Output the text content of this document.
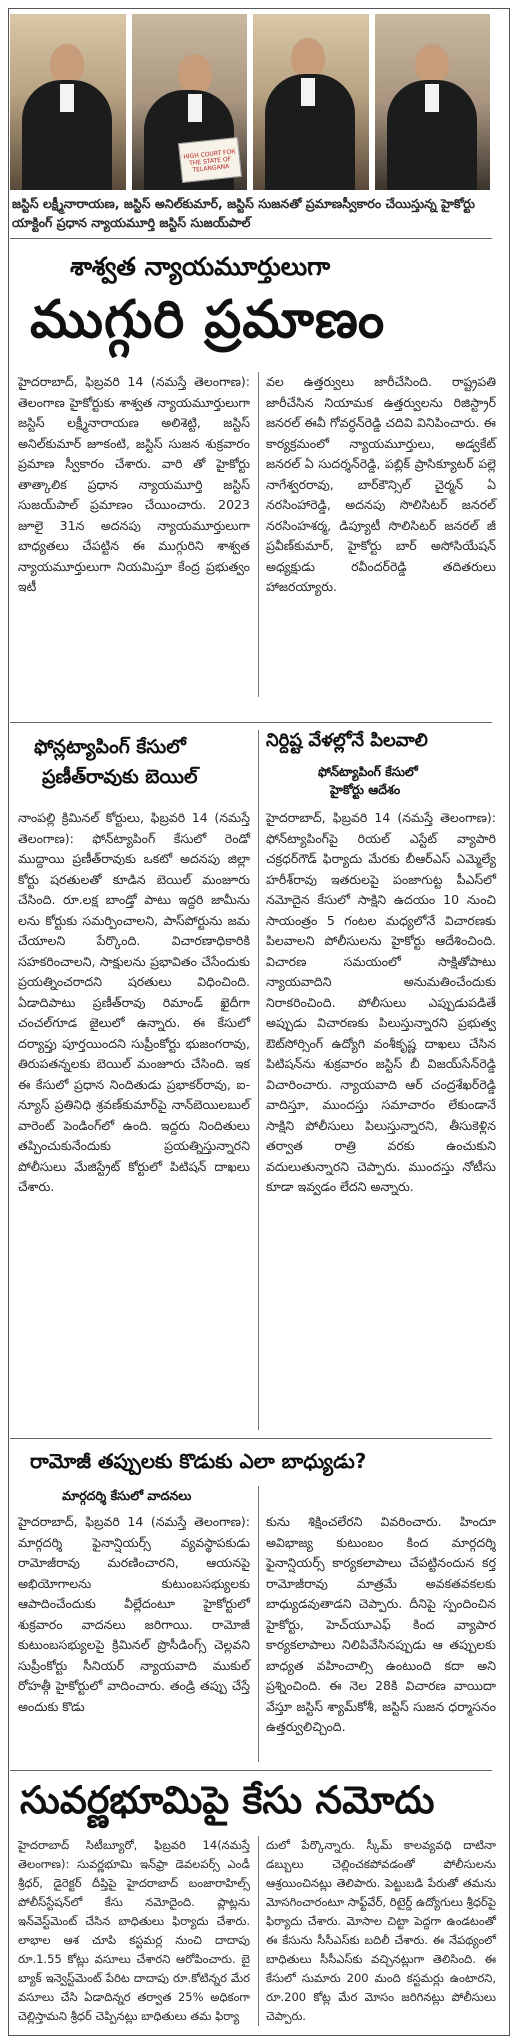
HIGH COURT FOR THE STATE OF TELANGANA
జస్టిస్ లక్ష్మీనారాయణ, జస్టిస్ అనిల్‌కుమార్, జస్టిస్ సుజనతో ప్రమాణస్వీకారం చేయిస్తున్న హైకోర్టు యాక్టింగ్ ప్రధాన న్యాయమూర్తి జస్టిస్ సుజయ్‌పాల్
శాశ్వత న్యాయమూర్తులుగా
ముగ్గురి ప్రమాణం
హైదరాబాద్, ఫిబ్రవరి 14 (నమస్తే తెలంగాణ): తెలంగాణ హైకోర్టుకు శాశ్వత న్యాయమూర్తులుగా జస్టిస్ లక్ష్మీనారాయణ అలిశెట్టి, జస్టిస్ అనిల్‌కుమార్ జూకంటి, జస్టిస్ సుజన శుక్రవారం ప్రమాణ స్వీకారం చేశారు. వారి తో హైకోర్టు తాత్కాలిక ప్రధాన న్యాయమూర్తి జస్టిస్ సుజయ్‌పాల్ ప్రమాణం చేయించారు. 2023 జూలై 31న అదనపు న్యాయమూర్తులుగా బాధ్యతలు చేపట్టిన ఈ ముగ్గురిని శాశ్వత న్యాయమూర్తులుగా నియమిస్తూ కేంద్ర ప్రభుత్వం ఇటీ
వల ఉత్తర్వులు జారీచేసింది. రాష్ట్రపతి జారీచేసిన నియామక ఉత్తర్వులను రిజిస్ట్రార్ జనరల్ ఈవీ గోవర్ధన్‌రెడ్డి చదివి వినిపించారు. ఈ కార్యక్రమంలో న్యాయమూర్తులు, అడ్వకేట్ జనరల్ ఏ సుదర్శన్‌రెడ్డి, పబ్లిక్ ప్రాసిక్యూటర్ పల్లె నాగేశ్వరరావు, బార్‌కౌన్సిల్ చైర్మన్ ఏ నరసింహారెడ్డి, అదనపు సొలిసిటర్ జనరల్ నరసింహశర్మ, డిప్యూటీ సొలిసిటర్ జనరల్ జీ ప్రవీణ్‌కుమార్, హైకోర్టు బార్ అసోసియేషన్ అధ్యక్షుడు రవీందర్‌రెడ్డి తదితరులు హాజరయ్యారు.
ఫోన్లట్యాపింగ్ కేసులో
ప్రణీత్‌రావుకు బెయిల్
నాంపల్లి క్రిమినల్ కోర్టులు, ఫిబ్రవరి 14 (నమస్తే తెలంగాణ): ఫోన్‌ట్యాపింగ్ కేసులో రెండో ముద్దాయి ప్రణీత్‌రావుకు ఒకటో అదనపు జిల్లా కోర్టు షరతులతో కూడిన బెయిల్ మంజూరు చేసింది. రూ.లక్ష బాండ్తో పాటు ఇద్దరి జామీను లను కోర్టుకు సమర్పించాలని, పాస్‌పోర్టును జమ చేయాలని పేర్కొంది. విచారణాధికారికి సహకరించాలని, సాక్షులను ప్రభావితం చేసేందుకు ప్రయత్నించరాదని షరతులు విధించింది. ఏడాదిపాటు ప్రణీత్‌రావు రిమాండ్ ఖైదీగా చంచల్‌గూడ జైలులో ఉన్నారు. ఈ కేసులో దర్యాప్తు పూర్తయిందని సుప్రీంకోర్టు భుజంగరావు, తిరుపతన్నలకు బెయిల్ మంజూరు చేసింది. ఇక ఈ కేసులో ప్రధాన నిందితుడు ప్రభాకర్‌రావు, ఐ-న్యూస్ ప్రతినిధి శ్రవణ్‌కుమార్‌పై నాన్‌బెయిలబుల్ వారెంట్ పెండింగ్‌లో ఉంది. ఇద్దరు నిందితులు తప్పించుకునేందుకు ప్రయత్నిస్తున్నారని పోలీసులు మేజిస్ట్రేట్ కోర్టులో పిటిషన్ దాఖలు చేశారు.
నిర్దిష్ట వేళల్లోనే పిలవాలి
ఫోన్‌ట్యాపింగ్ కేసులో
హైకోర్టు ఆదేశం
హైదరాబాద్, ఫిబ్రవరి 14 (నమస్తే తెలంగాణ): ఫోన్‌ట్యాపింగ్‌పై రియల్ ఎస్టేట్ వ్యాపారి చక్రధర్‌గౌడ్ ఫిర్యాదు మేరకు బీఆర్‌ఎస్ ఎమ్మెల్యే హరీశ్‌రావు ఇతరులపై పంజాగుట్ట పీఎస్‌లో నమోదైన కేసులో సాక్షిని ఉదయం 10 నుంచి సాయంత్రం 5 గంటల మధ్యలోనే విచారణకు పిలవాలని పోలీసులను హైకోర్టు ఆదేశించింది. విచారణ సమయంలో సాక్షితోపాటు న్యాయవాదిని అనుమతించేందుకు నిరాకరించింది. పోలీసులు ఎప్పుడుపడితే అప్పుడు విచారణకు పిలుస్తున్నారని ప్రభుత్వ ఔట్‌సోర్సింగ్ ఉద్యోగి వంశీకృష్ణ దాఖలు చేసిన పిటిషన్‌ను శుక్రవారం జస్టిస్ బీ విజయ్‌సేన్‌రెడ్డి విచారించారు. న్యాయవాది ఆర్ చంద్రశేఖర్‌రెడ్డి వాదిస్తూ, ముందస్తు సమాచారం లేకుండానే సాక్షిని పోలీసులు పిలుస్తున్నారని, తీసుకెళ్లిన తర్వాత రాత్రి వరకు ఉంచుకుని వదులుతున్నారని చెప్పారు. ముందస్తు నోటీసు కూడా ఇవ్వడం లేదని అన్నారు.
రామోజీ తప్పులకు కొడుకు ఎలా బాధ్యుడు?
మార్గదర్శి కేసులో వాదనలు
హైదరాబాద్, ఫిబ్రవరి 14 (నమస్తే తెలంగాణ): మార్గదర్శి ఫైనాన్షియర్స్ వ్యవస్థాపకుడు రామోజీరావు మరణించారని, ఆయనపై అభియోగాలను కుటుంబసభ్యులకు ఆపాదించేందుకు వీల్లేదంటూ హైకోర్టులో శుక్రవారం వాదనలు జరిగాయి. రామోజీ కుటుంబసభ్యులపై క్రిమినల్ ప్రొసీడింగ్స్ చెల్లవని సుప్రీంకోర్టు సీనియర్ న్యాయవాది ముకుల్ రోహత్గీ హైకోర్టులో వాదించారు. తండ్రి తప్పు చేస్తే అందుకు కొడు
కును శిక్షించలేరని వివరించారు. హిందూ అవిభాజ్య కుటుంబం కింద మార్గదర్శి ఫైనాన్షియర్స్ కార్యకలాపాలు చేపట్టినందున కర్త రామోజీరావు మాత్రమే అవకతవకలకు బాధ్యుడవుతాడని చెప్పారు. దీనిపై స్పందించిన హైకోర్టు, హెచ్‌యూఎఫ్ కింద వ్యాపార కార్యకలాపాలు నిలిపివేసినప్పుడు ఆ తప్పులకు బాధ్యత వహించాల్సి ఉంటుంది కదా అని ప్రశ్నించింది. ఈ నెల 28కి విచారణ వాయిదా వేస్తూ జస్టిస్ శ్యామ్‌కోశీ, జస్టిస్ సుజన ధర్మాసనం ఉత్తర్వులిచ్చింది.
సువర్ణభూమిపై కేసు నమోదు
హైదరాబాద్ సిటీబ్యూరో, ఫిబ్రవరి 14(నమస్తే తెలంగాణ): సువర్ణభూమి ఇన్‌ఫ్రా డెవలపర్స్ ఎండీ శ్రీధర్, డైరెక్టర్ దీప్తిపై హైదరాబాద్ బంజారాహిల్స్ పోలీస్‌స్టేషన్‌లో కేసు నమోదైంది. ప్లాట్లను ఇన్‌వెస్ట్‌మెంట్ చేసిన బాధితులు ఫిర్యాదు చేశారు. లాభాల ఆశ చూపి కస్టమర్ల నుంచి దాదాపు రూ.1.55 కోట్లు వసూలు చేశారని ఆరోపించారు. బై బ్యాక్ ఇన్వెస్ట్‌మెంట్ పేరిట దాదాపు రూ.కోటిన్నర మేర వసూలు చేసి ఏడాదిన్నర తర్వాత 25% అధికంగా చెల్లిస్తామని శ్రీధర్ చెప్పినట్లు బాధితులు తమ ఫిర్యా
దులో పేర్కొన్నారు. స్కీమ్ కాలవ్యవధి దాటినా డబ్బులు చెల్లించకపోవడంతో పోలీసులను ఆశ్రయించినట్లు తెలిపారు. పెట్టుబడి పేరుతో తమను మోసగించారంటూ సాఫ్ట్‌వేర్, రిటైర్డ్ ఉద్యోగులు శ్రీధర్‌పై ఫిర్యాదు చేశారు. మోసాల చిట్టా పెద్దగా ఉండటంతో ఈ కేసును సీసీఎస్‌కు బదిలీ చేశారు. ఈ నేపథ్యంలో బాధితులు సీసీఎస్‌కు వచ్చినట్లుగా తెలిసింది. ఈ కేసులో సుమారు 200 మంది కస్టమర్లు ఉంటారని, రూ.200 కోట్ల మేర మోసం జరిగినట్లు పోలీసులు చెప్పారు.
